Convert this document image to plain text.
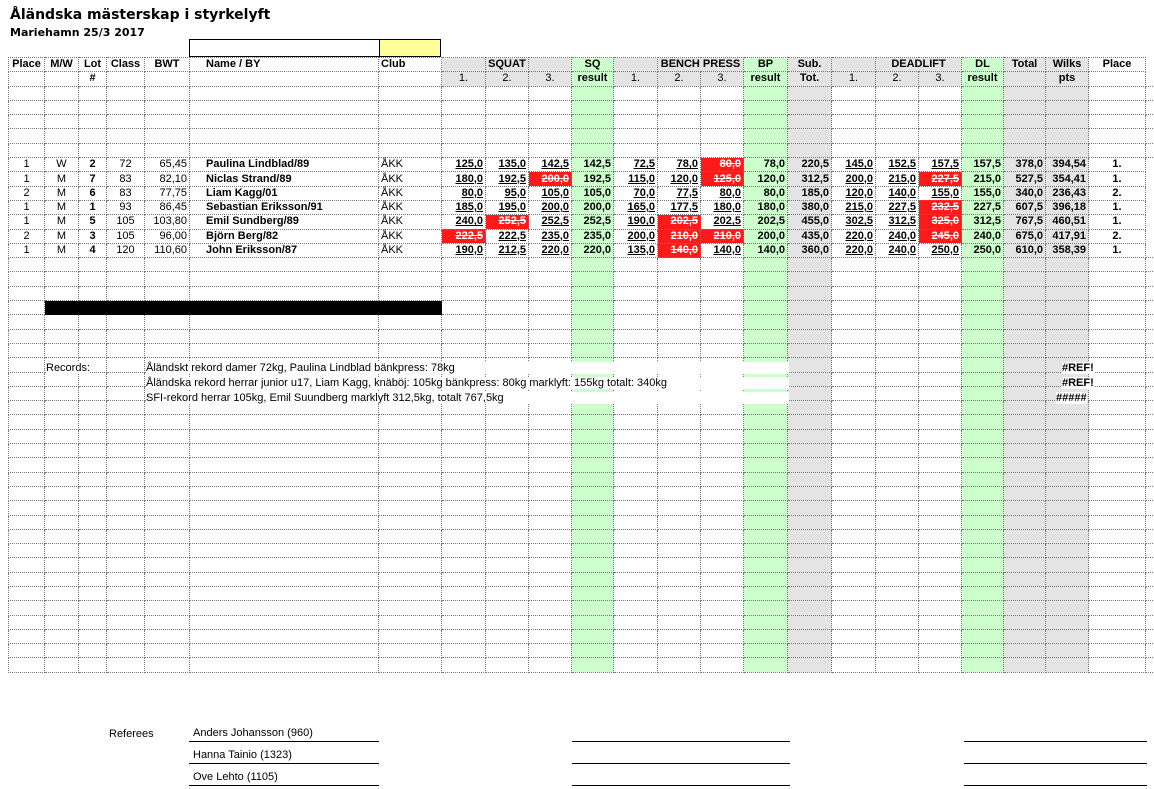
Åländska mästerskap i styrkelyft
Mariehamn 25/3 2017
Place	M/W	Lot	Class	BWT	Name / BY	Club		SQUAT		SQ		BENCH PRESS		BP	Sub.		DEADLIFT		DL	Total	Wilks	Place	
		#					1.	2.	3.	result	1.	2.	3.	result	Tot.	1.	2.	3.	result		pts		

1	W	2	72	65,45	Paulina Lindblad/89	ÅKK	125,0	135,0	142,5	142,5	72,5	78,0	80,0	78,0	220,5	145,0	152,5	157,5	157,5	378,0	394,54	1.	
1	M	7	83	82,10	Niclas Strand/89	ÅKK	180,0	192,5	200,0	192,5	115,0	120,0	125,0	120,0	312,5	200,0	215,0	227,5	215,0	527,5	354,41	1.	
2	M	6	83	77,75	Liam Kagg/01	ÅKK	80,0	95,0	105,0	105,0	70,0	77,5	80,0	80,0	185,0	120,0	140,0	155,0	155,0	340,0	236,43	2.	
1	M	1	93	86,45	Sebastian Eriksson/91	ÅKK	185,0	195,0	200,0	200,0	165,0	177,5	180,0	180,0	380,0	215,0	227,5	232,5	227,5	607,5	396,18	1.	
1	M	5	105	103,80	Emil Sundberg/89	ÅKK	240,0	252,5	252,5	252,5	190,0	202,5	202,5	202,5	455,0	302,5	312,5	325,0	312,5	767,5	460,51	1.	
2	M	3	105	96,00	Björn Berg/82	ÅKK	222,5	222,5	235,0	235,0	200,0	210,0	210,0	200,0	435,0	220,0	240,0	245,0	240,0	675,0	417,91	2.	
1	M	4	120	110,60	John Eriksson/87	ÅKK	190,0	212,5	220,0	220,0	135,0	140,0	140,0	140,0	360,0	220,0	240,0	250,0	250,0	610,0	358,39	1.	

Records:	Åländskt rekord damer 72kg, Paulina Lindblad bänkpress: 78kg
Åländska rekord herrar junior u17, Liam Kagg, knäböj: 105kg bänkpress: 80kg marklyft: 155kg totalt: 340kg
SFI-rekord herrar 105kg, Emil Suundberg marklyft 312,5kg, totalt 767,5kg
#REF!
#REF!
#####
Referees	Anders Johansson (960)
Hanna Tainio (1323)
Ove Lehto (1105)
